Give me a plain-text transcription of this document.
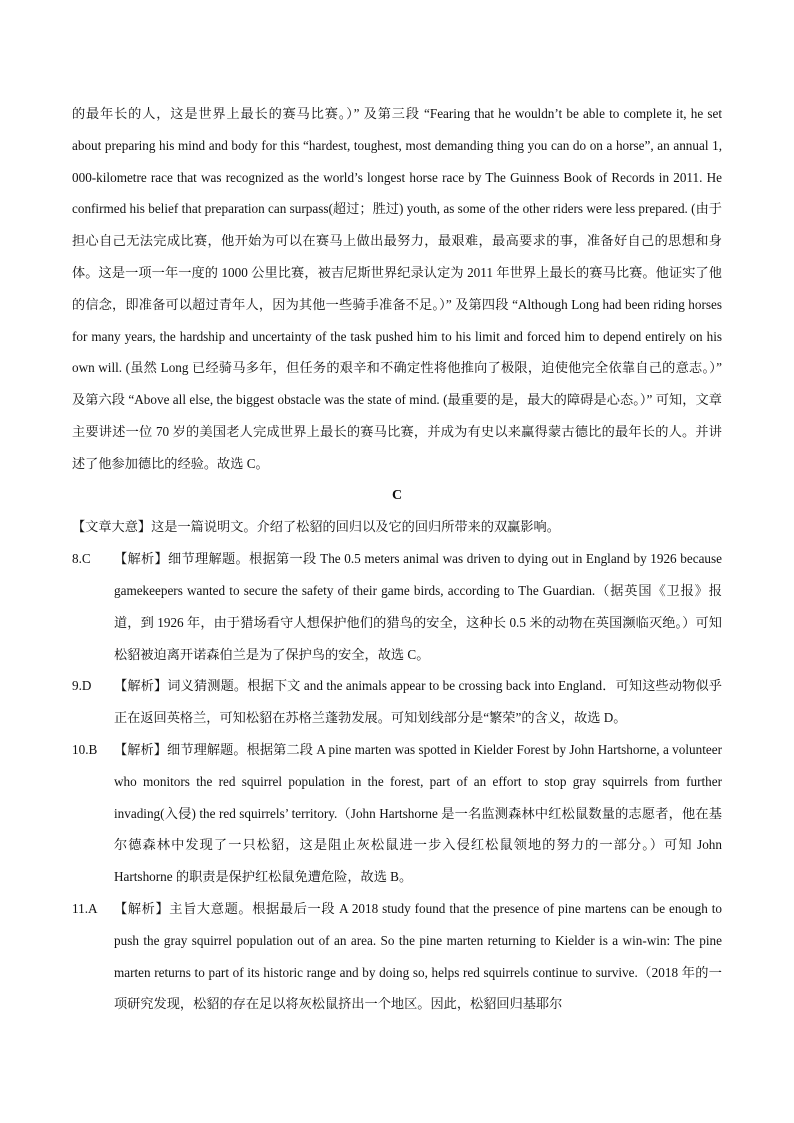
的最年长的人，这是世界上最长的赛马比赛。）” 及第三段 “Fearing that he wouldn’t be able to complete it, he set about preparing his mind and body for this “hardest, toughest, most demanding thing you can do on a horse”, an annual 1, 000-kilometre race that was recognized as the world’s longest horse race by The Guinness Book of Records in 2011. He confirmed his belief that preparation can surpass(超过；胜过) youth, as some of the other riders were less prepared. (由于担心自己无法完成比赛，他开始为可以在赛马上做出最努力，最艰难，最高要求的事，准备好自己的思想和身体。这是一项一年一度的 1000 公里比赛，被吉尼斯世界纪录认定为 2011 年世界上最长的赛马比赛。他证实了他的信念，即准备可以超过青年人，因为其他一些骑手准备不足。）” 及第四段 “Although Long had been riding horses for many years, the hardship and uncertainty of the task pushed him to his limit and forced him to depend entirely on his own will. (虽然 Long 已经骑马多年，但任务的艰辛和不确定性将他推向了极限，迫使他完全依靠自己的意志。）” 及第六段 “Above all else, the biggest obstacle was the state of mind. (最重要的是，最大的障碍是心态。）” 可知，文章主要讲述一位 70 岁的美国老人完成世界上最长的赛马比赛，并成为有史以来赢得蒙古德比的最年长的人。并讲述了他参加德比的经验。故选 C。

C

【文章大意】这是一篇说明文。介绍了松貂的回归以及它的回归所带来的双赢影响。

8.C	【解析】细节理解题。根据第一段 The 0.5 meters animal was driven to dying out in England by 1926 because gamekeepers wanted to secure the safety of their game birds, according to The Guardian.（据英国《卫报》报道，到 1926 年，由于猎场看守人想保护他们的猎鸟的安全，这种长 0.5 米的动物在英国濒临灭绝。）可知松貂被迫离开诺森伯兰是为了保护鸟的安全，故选 C。
9.D	【解析】词义猜测题。根据下文 and the animals appear to be crossing back into England．可知这些动物似乎正在返回英格兰，可知松貂在苏格兰蓬勃发展。可知划线部分是“繁荣”的含义，故选 D。
10.B	【解析】细节理解题。根据第二段 A pine marten was spotted in Kielder Forest by John Hartshorne, a volunteer who monitors the red squirrel population in the forest, part of an effort to stop gray squirrels from further invading(入侵) the red squirrels’ territory.（John Hartshorne 是一名监测森林中红松鼠数量的志愿者，他在基尔德森林中发现了一只松貂，这是阻止灰松鼠进一步入侵红松鼠领地的努力的一部分。）可知 John Hartshorne 的职责是保护红松鼠免遭危险，故选 B。
11.A	【解析】主旨大意题。根据最后一段 A 2018 study found that the presence of pine martens can be enough to push the gray squirrel population out of an area. So the pine marten returning to Kielder is a win-win: The pine marten returns to part of its historic range and by doing so, helps red squirrels continue to survive.（2018 年的一项研究发现，松貂的存在足以将灰松鼠挤出一个地区。因此，松貂回归基耶尔
